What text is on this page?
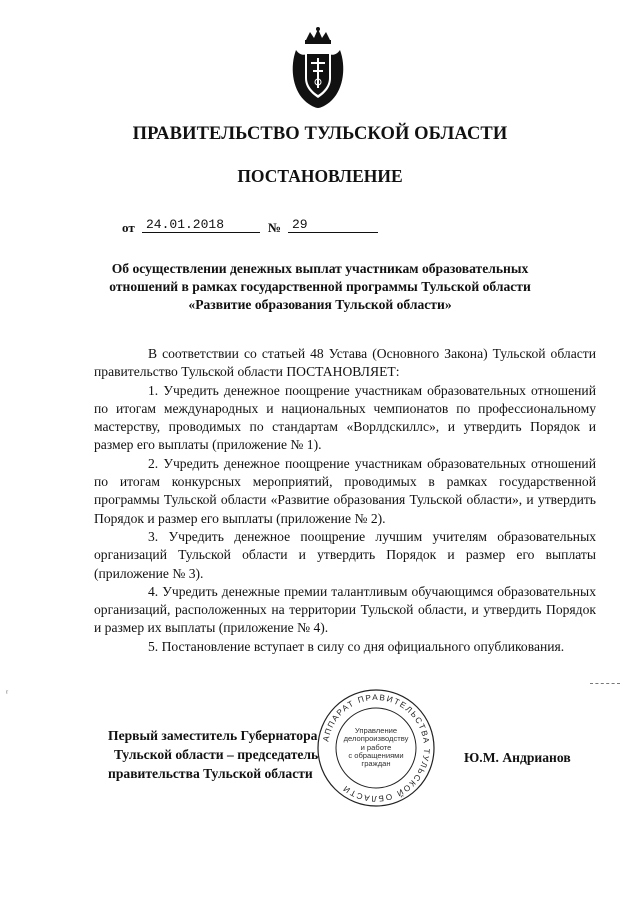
ПРАВИТЕЛЬСТВО ТУЛЬСКОЙ ОБЛАСТИ
ПОСТАНОВЛЕНИЕ
от 24.01.2018	№ 29
Об осуществлении денежных выплат участникам образовательных
отношений в рамках государственной программы Тульской области
«Развитие образования Тульской области»

В соответствии со статьей 48 Устава (Основного Закона) Тульской области правительство Тульской области ПОСТАНОВЛЯЕТ:

1. Учредить денежное поощрение участникам образовательных отношений по итогам международных и национальных чемпионатов по профессиональному мастерству, проводимых по стандартам «Ворлдскиллс», и утвердить Порядок и размер его выплаты (приложение № 1).

2. Учредить денежное поощрение участникам образовательных отношений по итогам конкурсных мероприятий, проводимых в рамках государственной программы Тульской области «Развитие образования Тульской области», и утвердить Порядок и размер его выплаты (приложение № 2).

3. Учредить денежное поощрение лучшим учителям образовательных организаций Тульской области и утвердить Порядок и размер его выплаты (приложение № 3).

4. Учредить денежные премии талантливым обучающимся образовательных организаций, расположенных на территории Тульской области, и утвердить Порядок и размер их выплаты (приложение № 4).

5. Постановление вступает в силу со дня официального опубликования.

ʳ
АППАРАТ ПРАВИТЕЛЬСТВА ТУЛЬСКОЙ ОБЛАСТИ
Управление
делопроизводству
и работе
с обращениями
граждан
Первый заместитель Губернатора
Тульской области – председатель
правительства Тульской области
Ю.М. Андрианов
